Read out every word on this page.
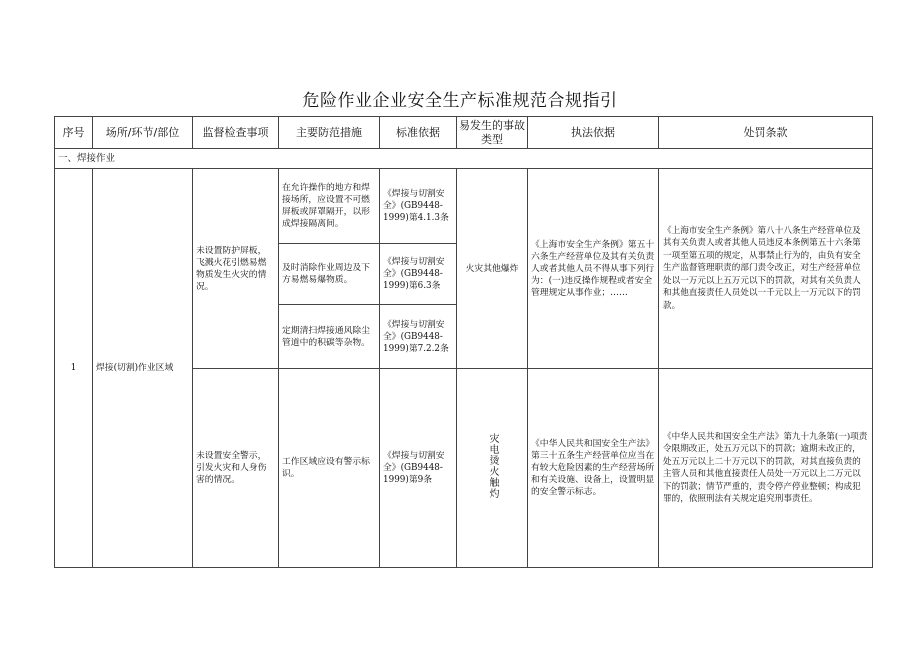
危险作业企业安全生产标准规范合规指引
序号	场所/环节/部位	监督检查事项	主要防范措施	标准依据	易发生的事故类型	执法依据	处罚条款
一、焊接作业							
1	焊接(切割)作业区域	未设置防护屏板，飞溅火花引燃易燃物质发生火灾的情况。	在允许操作的地方和焊接场所，应设置不可燃屏板或屏罩隔开，以形成焊接隔离间。	《焊接与切割安全》(GB9448-1999)第4.1.3条	火灾其他爆炸	《上海市安全生产条例》第五十六条生产经营单位及其有关负责人或者其他人员不得从事下列行为：(一)违反操作规程或者安全管理规定从事作业；……	《上海市安全生产条例》第八十八条生产经营单位及其有关负责人或者其他人员违反本条例第五十六条第一项至第五项的规定，从事禁止行为的，由负有安全生产监督管理职责的部门责令改正，对生产经营单位处以一万元以上五万元以下的罚款，对其有关负责人和其他直接责任人员处以一千元以上一万元以下的罚款。
			及时消除作业周边及下方易燃易爆物质。	《焊接与切割安全》(GB9448-1999)第6.3条			
			定期清扫焊接通风除尘管道中的积碳等杂物。	《焊接与切割安全》(GB9448-1999)第7.2.2条			
		未设置安全警示，引发火灾和人身伤害的情况。	工作区域应设有警示标识。	《焊接与切割安全》(GB9448-1999)第9条	灾电烫火触灼	《中华人民共和国安全生产法》第三十五条生产经营单位应当在有较大危险因素的生产经营场所和有关设施、设备上，设置明显的安全警示标志。	《中华人民共和国安全生产法》第九十九条第(一)项责令限期改正，处五万元以下的罚款；逾期未改正的，处五万元以上二十万元以下的罚款，对其直接负责的主管人员和其他直接责任人员处一万元以上二万元以下的罚款；情节严重的，责令停产停业整顿；构成犯罪的，依照刑法有关规定追究刑事责任。
